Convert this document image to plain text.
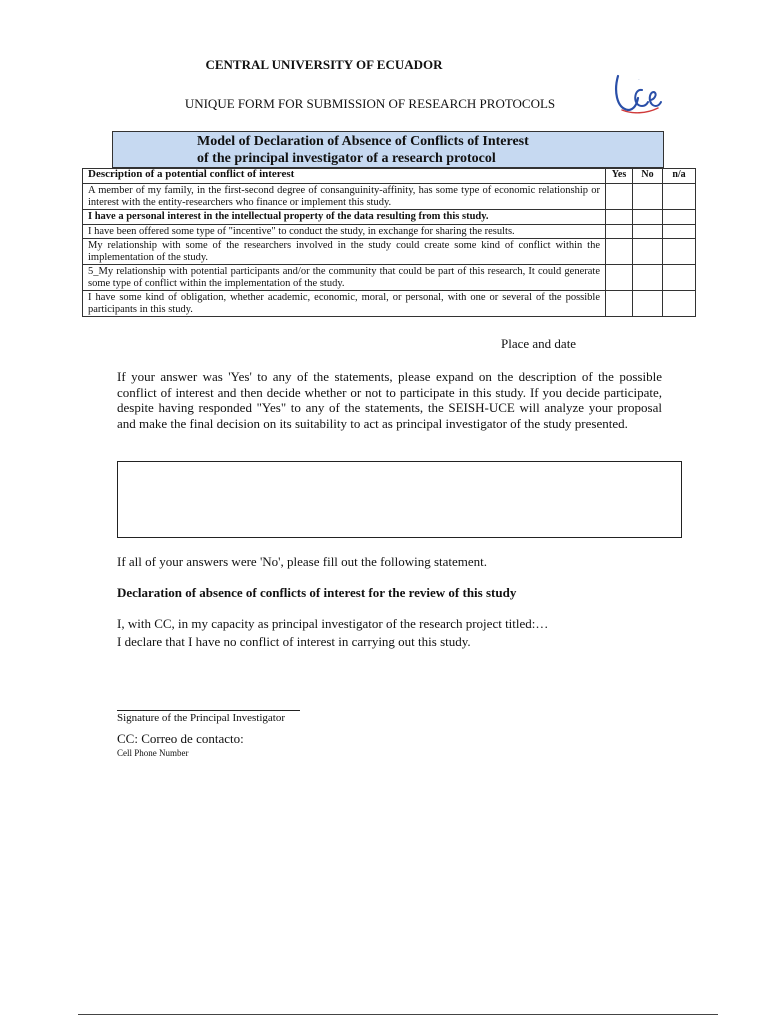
CENTRAL UNIVERSITY OF ECUADOR
UNIQUE FORM FOR SUBMISSION OF RESEARCH PROTOCOLS
Uce
Model of Declaration of Absence of Conflicts of Interest
of the principal investigator of a research protocol
Description of a potential conflict of interest	Yes	No	n/a
A member of my family, in the first-second degree of consanguinity-affinity, has some type of economic relationship or interest with the entity-researchers who finance or implement this study.			
I have a personal interest in the intellectual property of the data resulting from this study.			
I have been offered some type of "incentive" to conduct the study, in exchange for sharing the results.			
My relationship with some of the researchers involved in the study could create some kind of conflict within the implementation of the study.			
5_My relationship with potential participants and/or the community that could be part of this research, It could generate some type of conflict within the implementation of the study.			
I have some kind of obligation, whether academic, economic, moral, or personal, with one or several of the possible participants in this study.			
Place and date
If your answer was 'Yes' to any of the statements, please expand on the description of the possible conflict of interest and then decide whether or not to participate in this study. If you decide participate, despite having responded "Yes" to any of the statements, the SEISH-UCE will analyze your proposal and make the final decision on its suitability to act as principal investigator of the study presented.
If all of your answers were 'No', please fill out the following statement.
Declaration of absence of conflicts of interest for the review of this study
I, with CC, in my capacity as principal investigator of the research project titled:…
I declare that I have no conflict of interest in carrying out this study.
Signature of the Principal Investigator
CC: Correo de contacto:
Cell Phone Number
